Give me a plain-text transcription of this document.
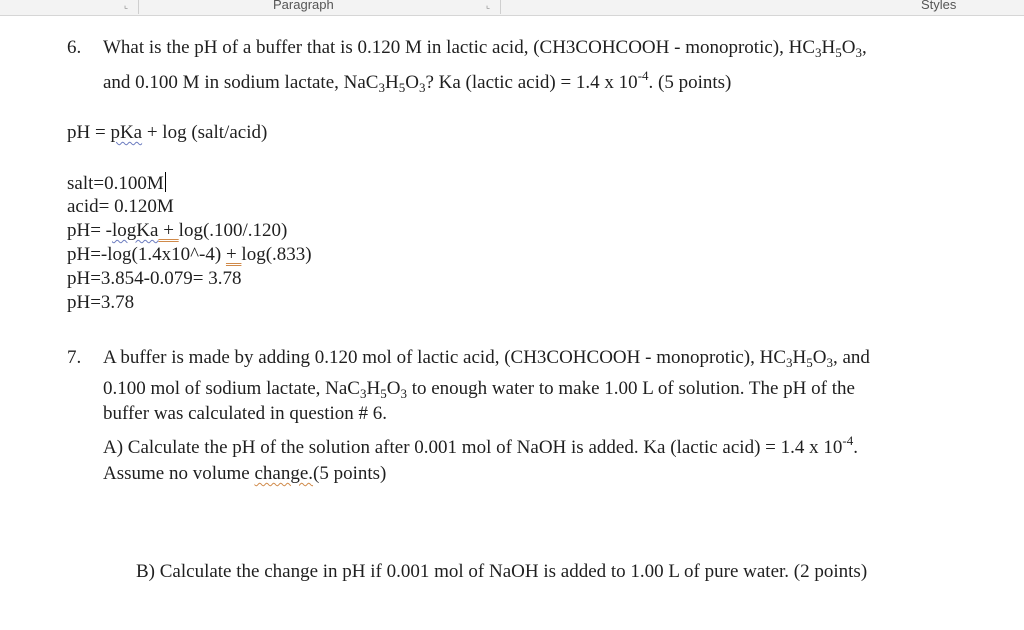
⌞	Paragraph	⌞	Styles
6. What is the pH of a buffer that is 0.120 M in lactic acid, (CH3COHCOOH - monoprotic), $HC_3H_5O_3$,
and 0.100 M in sodium lactate, $NaC_3H_5O_3$? Ka (lactic acid) = 1.4 x $10^{-4}$. (5 points)
pH = pKa + log (salt/acid)
salt=0.100M
acid= 0.120M
pH= -logKa + log(.100/.120)
pH=-log(1.4x10^-4) + log(.833)
pH=3.854-0.079= 3.78
pH=3.78
7. A buffer is made by adding 0.120 mol of lactic acid, (CH3COHCOOH - monoprotic), $HC_3H_5O_3$, and
0.100 mol of sodium lactate, $NaC_3H_5O_3$ to enough water to make 1.00 L of solution. The pH of the
buffer was calculated in question # 6.
A) Calculate the pH of the solution after 0.001 mol of NaOH is added. Ka (lactic acid) = 1.4 x $10^{-4}$.
Assume no volume change.(5 points)
B) Calculate the change in pH if 0.001 mol of NaOH is added to 1.00 L of pure water. (2 points)
